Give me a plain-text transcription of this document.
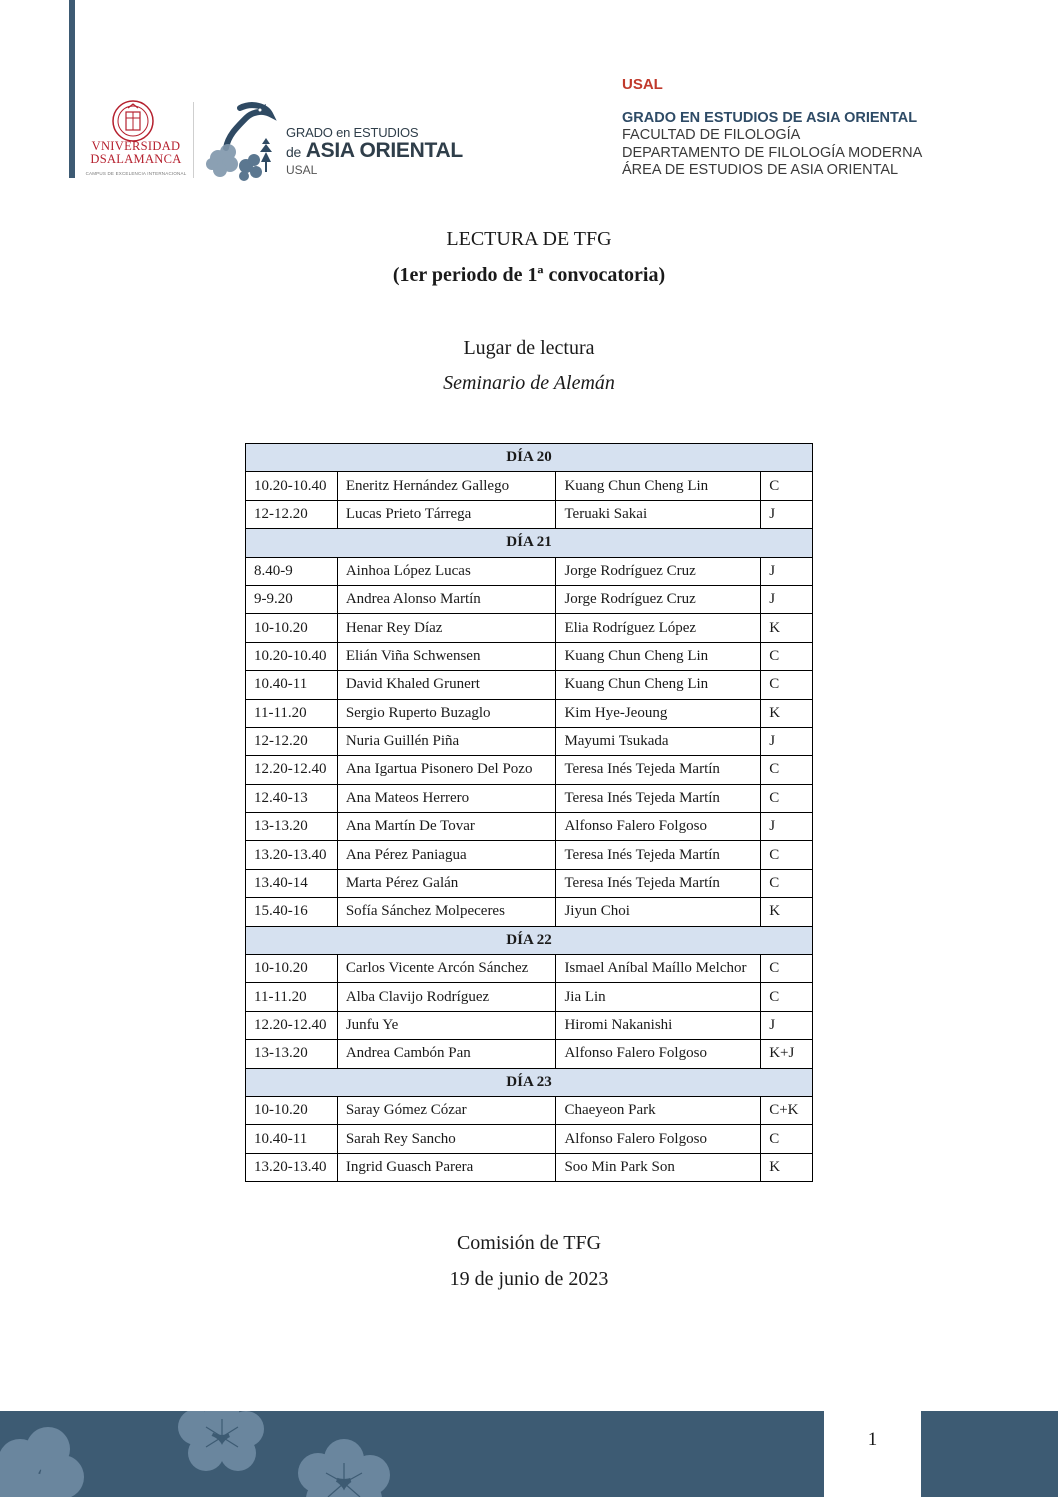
VNIVERSIDAD
DSALAMANCA
CAMPUS DE EXCELENCIA INTERNACIONAL
GRADO en ESTUDIOS
de ASIA ORIENTAL
USAL
USAL
GRADO EN ESTUDIOS DE ASIA ORIENTAL
FACULTAD DE FILOLOGÍA
DEPARTAMENTO DE FILOLOGÍA MODERNA
ÁREA DE ESTUDIOS DE ASIA ORIENTAL
LECTURA DE TFG
(1er periodo de 1ª convocatoria)
Lugar de lectura
Seminario de Alemán
DÍA 20			
10.20-10.40	Eneritz Hernández Gallego	Kuang Chun Cheng Lin	C
12-12.20	Lucas Prieto Tárrega	Teruaki Sakai	J
DÍA 21			
8.40-9	Ainhoa López Lucas	Jorge Rodríguez Cruz	J
9-9.20	Andrea Alonso Martín	Jorge Rodríguez Cruz	J
10-10.20	Henar Rey Díaz	Elia Rodríguez López	K
10.20-10.40	Elián Viña Schwensen	Kuang Chun Cheng Lin	C
10.40-11	David Khaled Grunert	Kuang Chun Cheng Lin	C
11-11.20	Sergio Ruperto Buzaglo	Kim Hye-Jeoung	K
12-12.20	Nuria Guillén Piña	Mayumi Tsukada	J
12.20-12.40	Ana Igartua Pisonero Del Pozo	Teresa Inés Tejeda Martín	C
12.40-13	Ana Mateos Herrero	Teresa Inés Tejeda Martín	C
13-13.20	Ana Martín De Tovar	Alfonso Falero Folgoso	J
13.20-13.40	Ana Pérez Paniagua	Teresa Inés Tejeda Martín	C
13.40-14	Marta Pérez Galán	Teresa Inés Tejeda Martín	C
15.40-16	Sofía Sánchez Molpeceres	Jiyun Choi	K
DÍA 22			
10-10.20	Carlos Vicente Arcón Sánchez	Ismael Aníbal Maíllo Melchor	C
11-11.20	Alba Clavijo Rodríguez	Jia Lin	C
12.20-12.40	Junfu Ye	Hiromi Nakanishi	J
13-13.20	Andrea Cambón Pan	Alfonso Falero Folgoso	K+J
DÍA 23			
10-10.20	Saray Gómez Cózar	Chaeyeon Park	C+K
10.40-11	Sarah Rey Sancho	Alfonso Falero Folgoso	C
13.20-13.40	Ingrid Guasch Parera	Soo Min Park Son	K
Comisión de TFG
19 de junio de 2023
1
